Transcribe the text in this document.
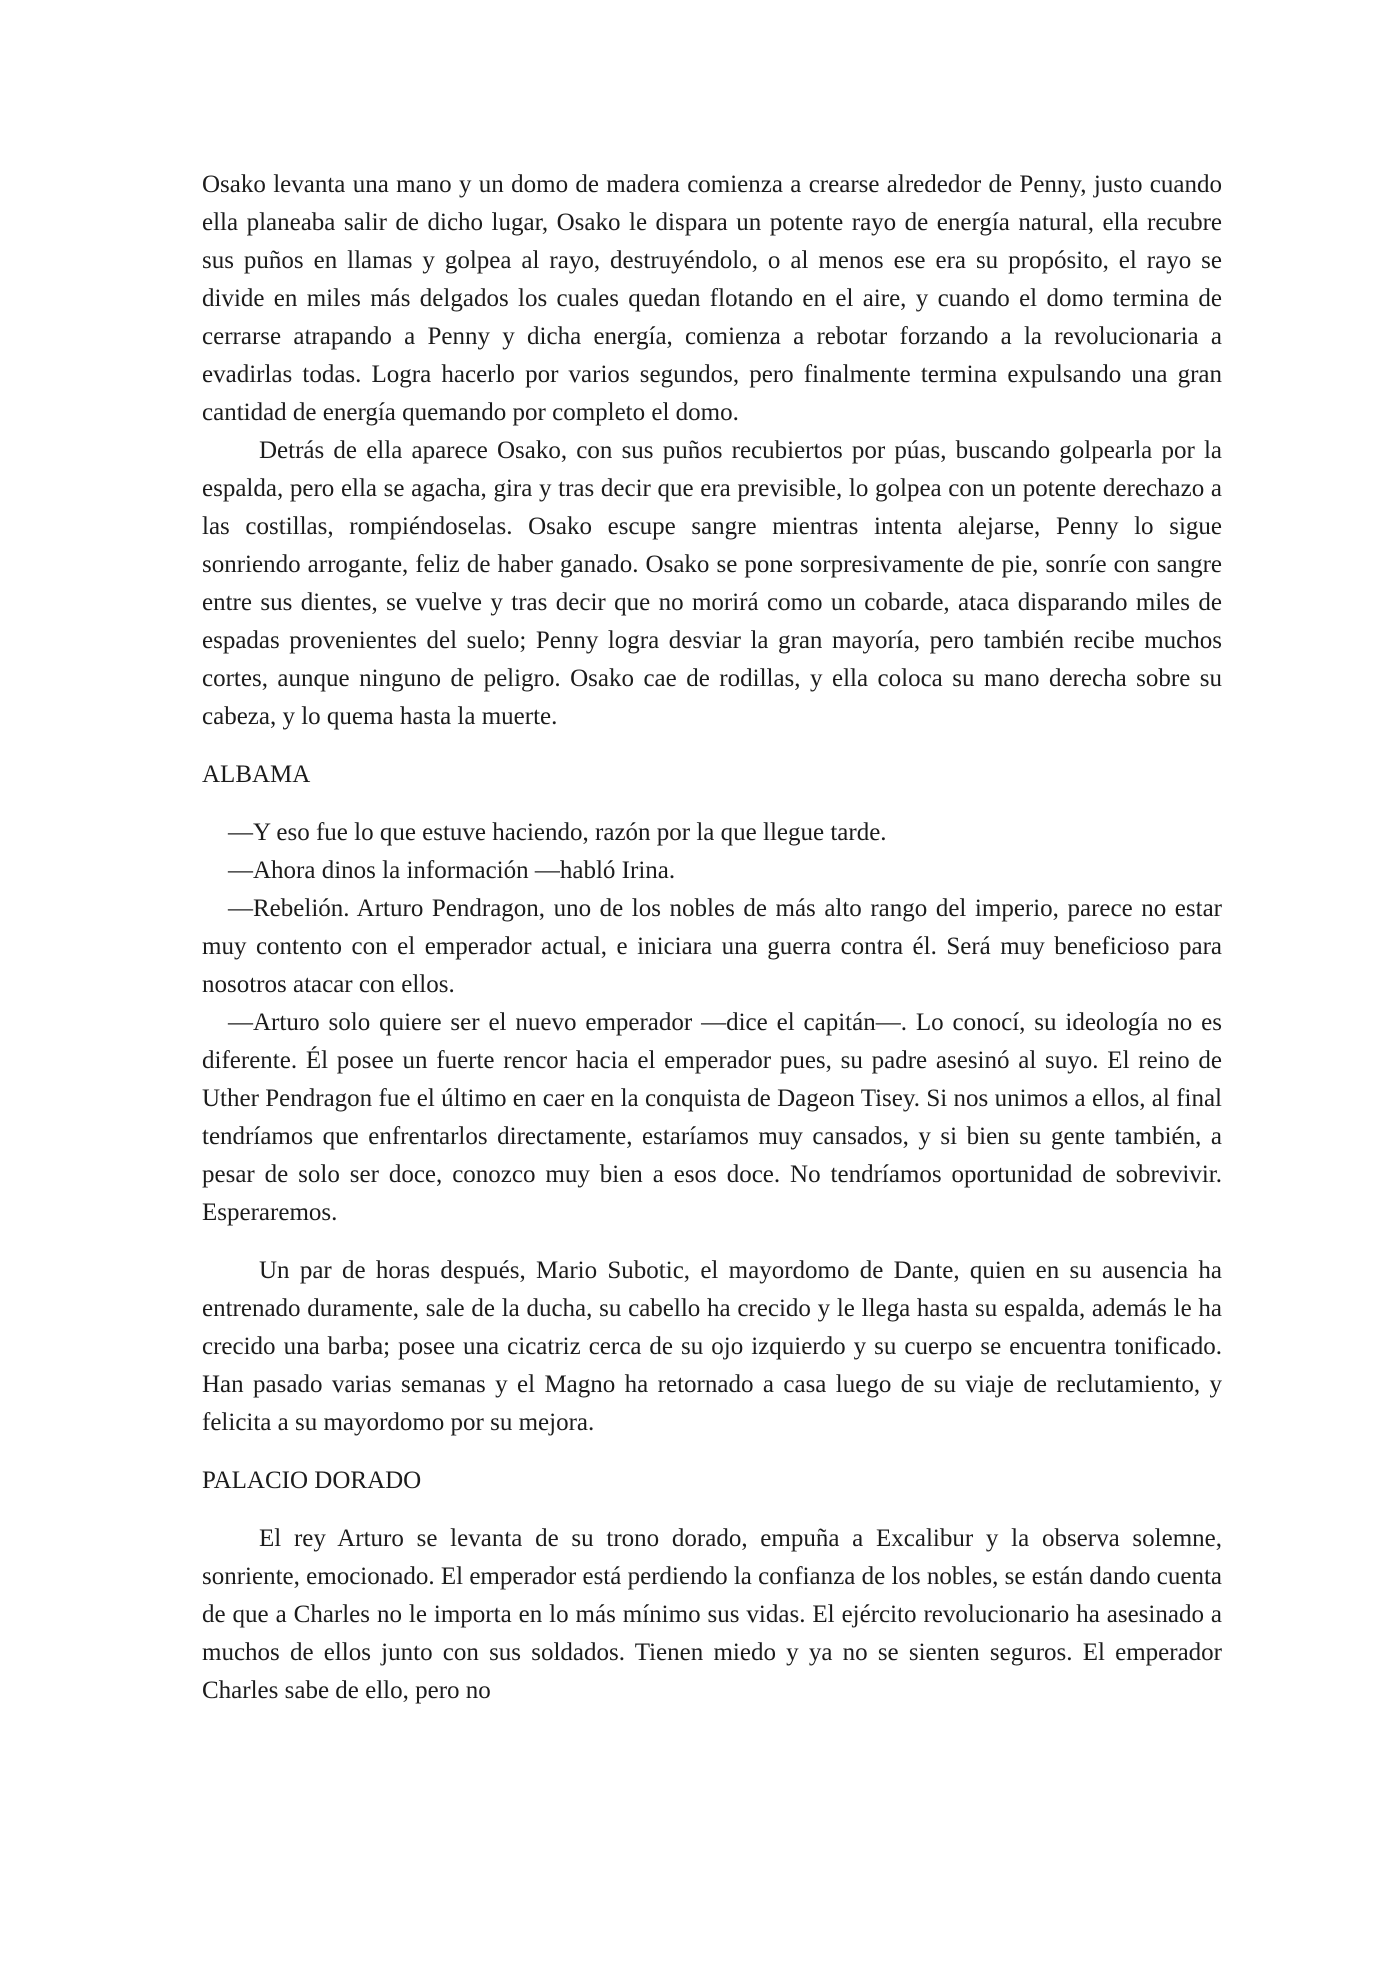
Osako levanta una mano y un domo de madera comienza a crearse alrededor de Penny, justo cuando ella planeaba salir de dicho lugar, Osako le dispara un potente rayo de energía natural, ella recubre sus puños en llamas y golpea al rayo, destruyéndolo, o al menos ese era su propósito, el rayo se divide en miles más delgados los cuales quedan flotando en el aire, y cuando el domo termina de cerrarse atrapando a Penny y dicha energía, comienza a rebotar forzando a la revolucionaria a evadirlas todas. Logra hacerlo por varios segundos, pero finalmente termina expulsando una gran cantidad de energía quemando por completo el domo.

Detrás de ella aparece Osako, con sus puños recubiertos por púas, buscando golpearla por la espalda, pero ella se agacha, gira y tras decir que era previsible, lo golpea con un potente derechazo a las costillas, rompiéndoselas. Osako escupe sangre mientras intenta alejarse, Penny lo sigue sonriendo arrogante, feliz de haber ganado. Osako se pone sorpresivamente de pie, sonríe con sangre entre sus dientes, se vuelve y tras decir que no morirá como un cobarde, ataca disparando miles de espadas provenientes del suelo; Penny logra desviar la gran mayoría, pero también recibe muchos cortes, aunque ninguno de peligro. Osako cae de rodillas, y ella coloca su mano derecha sobre su cabeza, y lo quema hasta la muerte.

ALBAMA

—Y eso fue lo que estuve haciendo, razón por la que llegue tarde.

—Ahora dinos la información —habló Irina.

—Rebelión. Arturo Pendragon, uno de los nobles de más alto rango del imperio, parece no estar muy contento con el emperador actual, e iniciara una guerra contra él. Será muy beneficioso para nosotros atacar con ellos.

—Arturo solo quiere ser el nuevo emperador —dice el capitán—. Lo conocí, su ideología no es diferente. Él posee un fuerte rencor hacia el emperador pues, su padre asesinó al suyo. El reino de Uther Pendragon fue el último en caer en la conquista de Dageon Tisey. Si nos unimos a ellos, al final tendríamos que enfrentarlos directamente, estaríamos muy cansados, y si bien su gente también, a pesar de solo ser doce, conozco muy bien a esos doce. No tendríamos oportunidad de sobrevivir. Esperaremos.

Un par de horas después, Mario Subotic, el mayordomo de Dante, quien en su ausencia ha entrenado duramente, sale de la ducha, su cabello ha crecido y le llega hasta su espalda, además le ha crecido una barba; posee una cicatriz cerca de su ojo izquierdo y su cuerpo se encuentra tonificado. Han pasado varias semanas y el Magno ha retornado a casa luego de su viaje de reclutamiento, y felicita a su mayordomo por su mejora.

PALACIO DORADO

El rey Arturo se levanta de su trono dorado, empuña a Excalibur y la observa solemne, sonriente, emocionado. El emperador está perdiendo la confianza de los nobles, se están dando cuenta de que a Charles no le importa en lo más mínimo sus vidas. El ejército revolucionario ha asesinado a muchos de ellos junto con sus soldados. Tienen miedo y ya no se sienten seguros. El emperador Charles sabe de ello, pero no
